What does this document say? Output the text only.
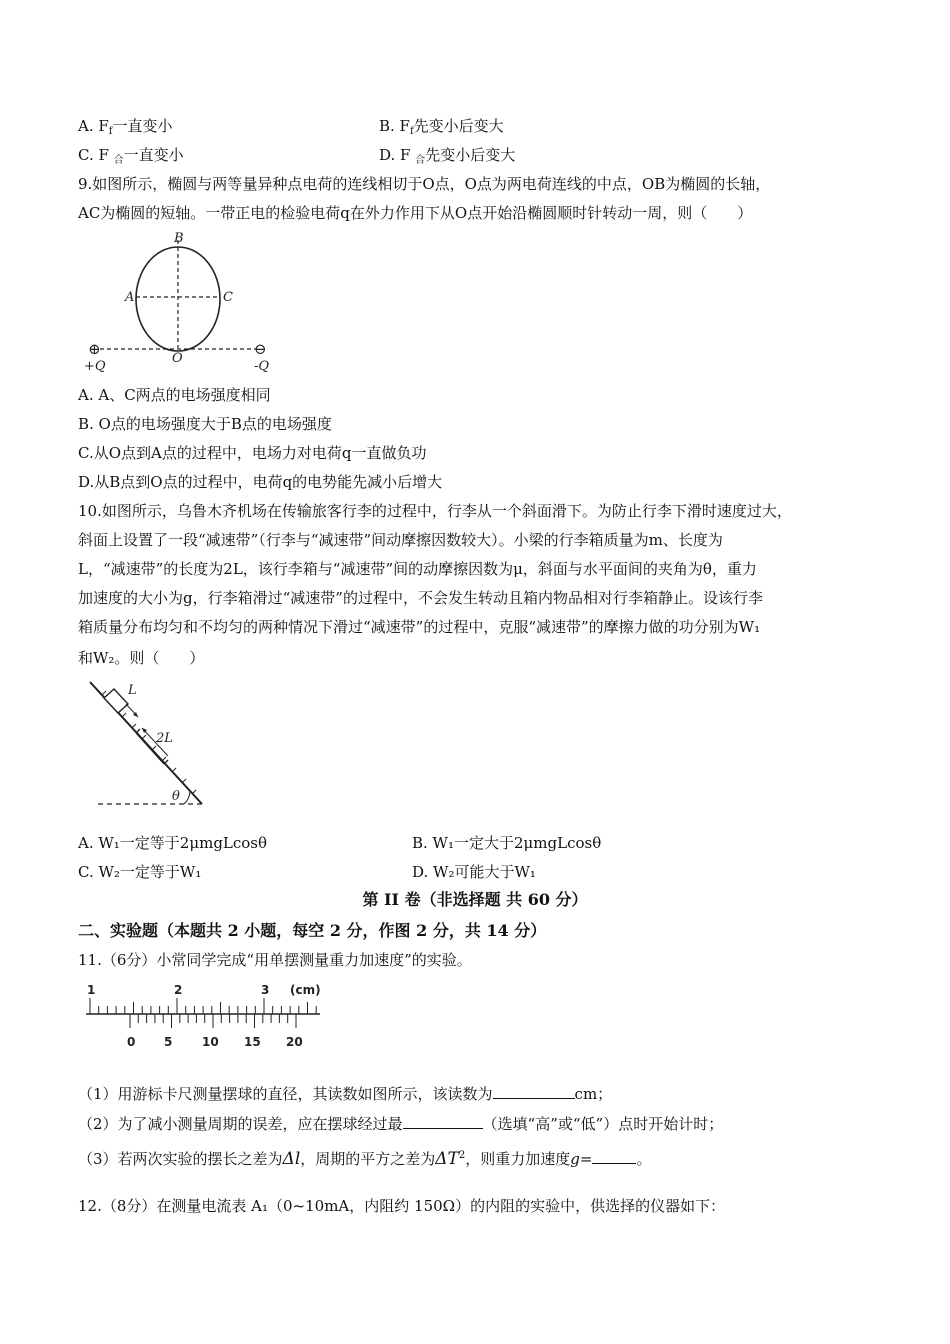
A. $F_f$一直变小	B. $F_f$先变小后变大
C. F $_合$一直变小	D. F $_合$先变小后变大
9.如图所示，椭圆与两等量异种点电荷的连线相切于O点，O点为两电荷连线的中点，OB为椭圆的长轴，
AC为椭圆的短轴。一带正电的检验电荷q在外力作用下从O点开始沿椭圆顺时针转动一周，则（　　）
B
A	C
O
⊕	⊖
+Q	-Q
A. A、C两点的电场强度相同
B. O点的电场强度大于B点的电场强度
C.从O点到A点的过程中，电场力对电荷q一直做负功
D.从B点到O点的过程中，电荷q的电势能先减小后增大
10.如图所示，乌鲁木齐机场在传输旅客行李的过程中，行李从一个斜面滑下。为防止行李下滑时速度过大，
斜面上设置了一段“减速带”（行李与“减速带”间动摩擦因数较大）。小梁的行李箱质量为m、长度为
L，“减速带”的长度为2L，该行李箱与“减速带”间的动摩擦因数为μ，斜面与水平面间的夹角为θ，重力
加速度的大小为g，行李箱滑过“减速带”的过程中，不会发生转动且箱内物品相对行李箱静止。设该行李
箱质量分布均匀和不均匀的两种情况下滑过“减速带”的过程中，克服“减速带”的摩擦力做的功分别为W₁
和W₂。则（　　）
L
2L
θ
A. W₁一定等于2μmgLcosθ	B. W₁一定大于2μmgLcosθ
C. W₂一定等于W₁	D. W₂可能大于W₁
第 II 卷（非选择题 共 60 分）
二、实验题（本题共 2 小题，每空 2 分，作图 2 分，共 14 分）
11.（6分）小常同学完成“用单摆测量重力加速度”的实验。
1	2	3 (cm)
0 5 10 15 20
（1）用游标卡尺测量摆球的直径，其读数如图所示，该读数为	cm；
（2）为了减小测量周期的误差，应在摆球经过最	（选填“高”或“低”）点时开始计时；
（3）若两次实验的摆长之差为Δl，周期的平方之差为$\Delta T^2$，则重力加速度g=	。
12.（8分）在测量电流表 A₁（0~10mA，内阻约 150Ω）的内阻的实验中，供选择的仪器如下：
